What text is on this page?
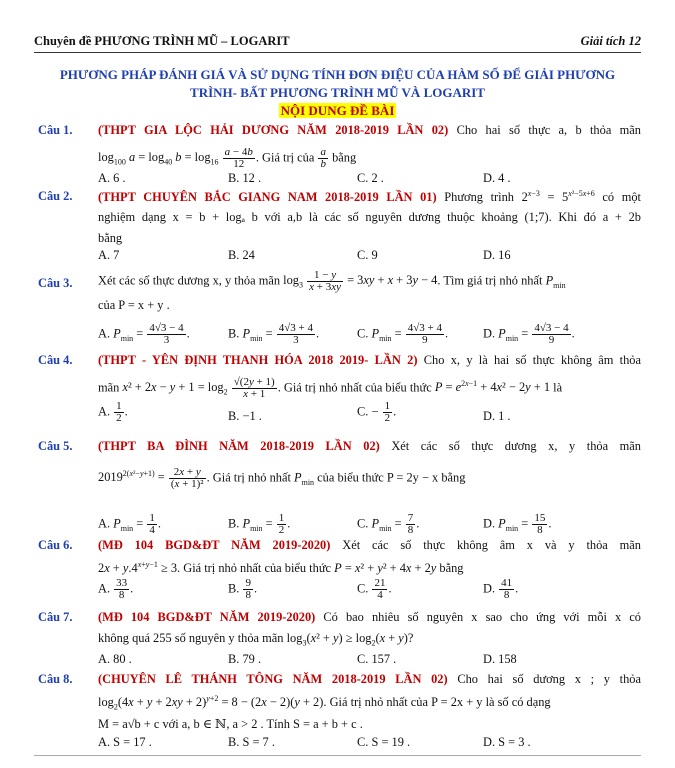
Chuyên đề PHƯƠNG TRÌNH MŨ – LOGARIT	Giải tích 12
PHƯƠNG PHÁP ĐÁNH GIÁ VÀ SỬ DỤNG TÍNH ĐƠN ĐIỆU CỦA HÀM SỐ ĐỂ GIẢI PHƯƠNG
TRÌNH- BẤT PHƯƠNG TRÌNH MŨ VÀ LOGARIT
NỘI DUNG ĐỀ BÀI
Câu 1. (THPT GIA LỘC HẢI DƯƠNG NĂM 2018-2019 LẦN 02) Cho hai số thực a, b thỏa mãn
$\log_{100} a = \log_{40} b = \log_{16} \frac{a - 4b}{12}$ . Giá trị của $\frac{a}{b}$ bằng
A. 6 .	B. 12 .	C. 2 .	D. 4 .
Câu 2. (THPT CHUYÊN BẮC GIANG NAM 2018-2019 LẦN 01) Phương trình $2^{x-3} = 5^{x^2-5x+6}$ có một
nghiệm dạng x = b + logₐ b với a,b là các số nguyên dương thuộc khoảng (1;7). Khi đó a + 2b
bằng
A. 7	B. 24	C. 9	D. 16
Câu 3. Xét các số thực dương x, y thỏa mãn $\log_3 \frac{1 - y}{x + 3xy} = 3xy + x + 3y - 4$. Tìm giá trị nhỏ nhất $P_{min}$
của P = x + y .
A. $P_{min} = \frac{4√3 - 4}{3}$ .	B. $P_{min} = \frac{4√3 + 4}{3}$ .	C. $P_{min} = \frac{4√3 + 4}{9}$ .	D. $P_{min} = \frac{4√3 - 4}{9}$ .
Câu 4. (THPT - YÊN ĐỊNH THANH HÓA 2018 2019- LẦN 2) Cho x, y là hai số thực không âm thỏa
mãn $x^2 + 2x - y + 1 = \log_2 \frac{√(2y + 1)}{x + 1}$ . Giá trị nhỏ nhất của biểu thức $P = e^{2x-1} + 4x^2 - 2y + 1$ là
A. $\frac{1}{2}$ .	B. −1 .	C. − $\frac{1}{2}$ .	D. 1 .
Câu 5. (THPT BA ĐÌNH NĂM 2018-2019 LẦN 02) Xét các số thực dương x, y thỏa mãn
$2019^{2(x^2-y+1)} = \frac{2x + y}{\text{(x + 1)²}}$ . Giá trị nhỏ nhất $P_{min}$ của biểu thức P = 2y − x bằng
A. $P_{min} = \frac{1}{4}$ .	B. $P_{min} = \frac{1}{2}$ .	C. $P_{min} = \frac{7}{8}$ .	D. $P_{min} = \frac{15}{8}$ .
Câu 6. (MĐ 104 BGD&ĐT NĂM 2019-2020) Xét các số thực không âm x và y thỏa mãn
$2x + y.4^{x+y-1} \ge 3$. Giá trị nhỏ nhất của biểu thức P = x² + y² + 4x + 2y bằng
A. $\frac{33}{8}$ .	B. $\frac{9}{8}$ .	C. $\frac{21}{4}$ .	D. $\frac{41}{8}$ .
Câu 7. (MĐ 104 BGD&ĐT NĂM 2019-2020) Có bao nhiêu số nguyên x sao cho ứng với mỗi x có
không quá 255 số nguyên y thỏa mãn $\log_3(x^2 + y) \ge \log_2(x + y)$?
A. 80 .	B. 79 .	C. 157 .	D. 158
Câu 8. (CHUYÊN LÊ THÁNH TÔNG NĂM 2018-2019 LẦN 02) Cho hai số dương x ; y thỏa
$\log_2(4x + y + 2xy + 2)^{y+2} = 8 - (2x - 2)(y + 2)$. Giá trị nhỏ nhất của P = 2x + y là số có dạng
M = a√b + c với a, b ∈ ℕ, a > 2 . Tính S = a + b + c .
A. S = 17 .	B. S = 7 .	C. S = 19 .	D. S = 3 .
